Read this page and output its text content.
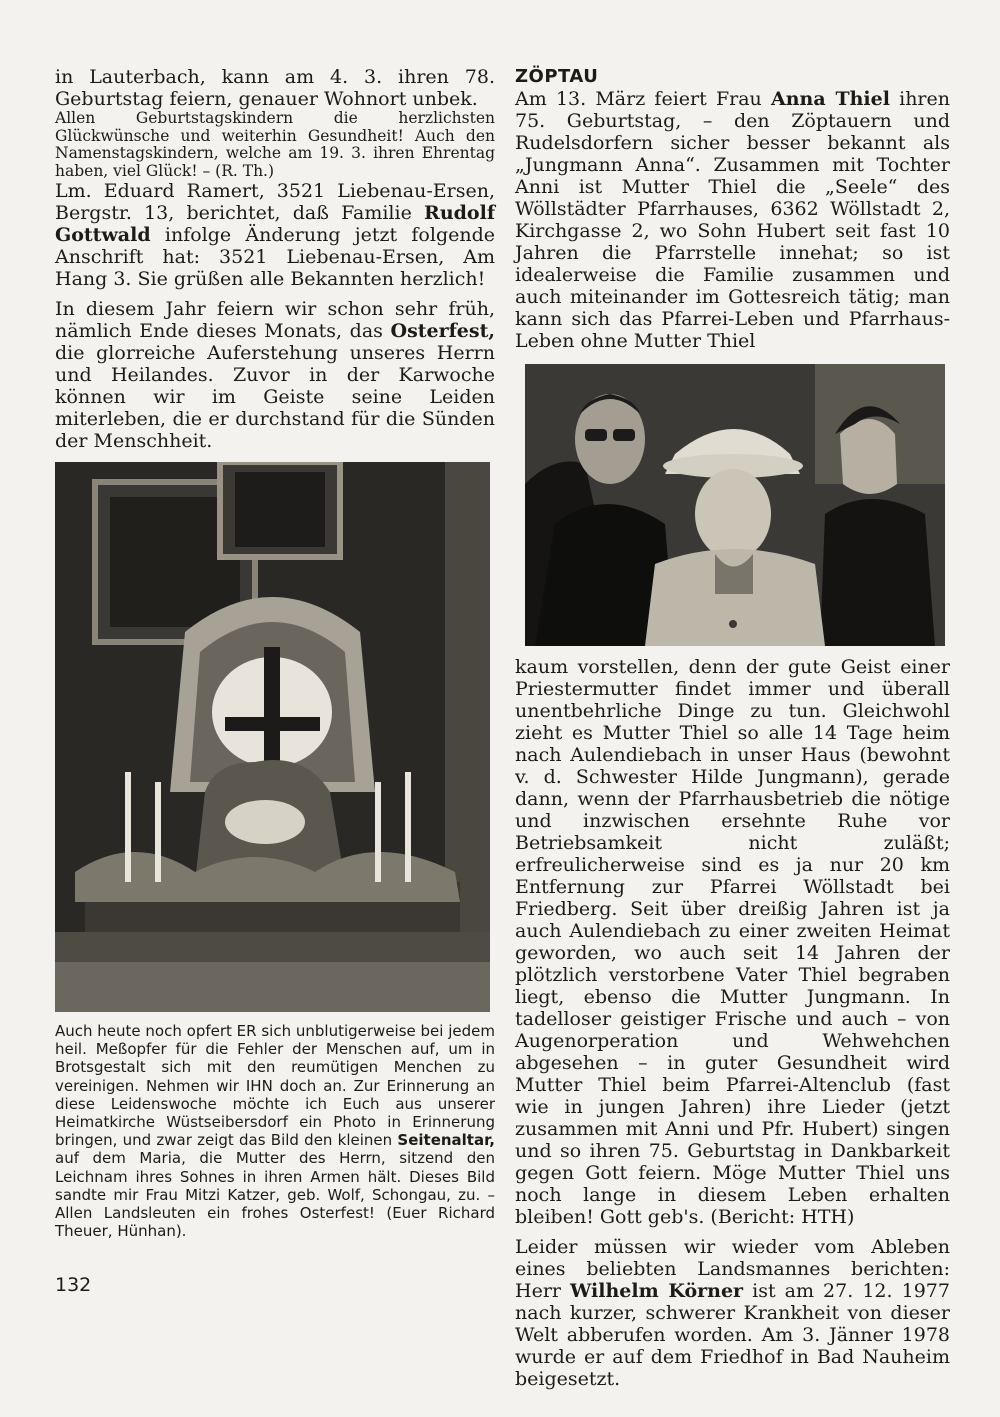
in Lauterbach, kann am 4. 3. ihren 78. Geburtstag feiern, genauer Wohnort unbek.

Allen Geburtstagskindern die herzlichsten Glückwünsche und weiterhin Gesundheit! Auch den Namenstagskindern, welche am 19. 3. ihren Ehrentag haben, viel Glück! – (R. Th.)

Lm. Eduard Ramert, 3521 Liebenau-Ersen, Bergstr. 13, berichtet, daß Familie Rudolf Gottwald infolge Änderung jetzt folgende Anschrift hat: 3521 Liebenau-Ersen, Am Hang 3. Sie grüßen alle Bekannten herzlich!

In diesem Jahr feiern wir schon sehr früh, nämlich Ende dieses Monats, das Osterfest, die glorreiche Auferstehung unseres Herrn und Heilandes. Zuvor in der Karwoche können wir im Geiste seine Leiden miterleben, die er durchstand für die Sünden der Menschheit.

Auch heute noch opfert ER sich unblutigerweise bei jedem heil. Meßopfer für die Fehler der Menschen auf, um in Brotsgestalt sich mit den reumütigen Menchen zu vereinigen. Nehmen wir IHN doch an. Zur Erinnerung an diese Leidenswoche möchte ich Euch aus unserer Heimatkirche Wüstseibersdorf ein Photo in Erinnerung bringen, und zwar zeigt das Bild den kleinen Seitenaltar, auf dem Maria, die Mutter des Herrn, sitzend den Leichnam ihres Sohnes in ihren Armen hält. Dieses Bild sandte mir Frau Mitzi Katzer, geb. Wolf, Schongau, zu. – Allen Landsleuten ein frohes Osterfest! (Euer Richard Theuer, Hünhan).

ZÖPTAU

Am 13. März feiert Frau Anna Thiel ihren 75. Geburtstag, – den Zöptauern und Rudelsdorfern sicher besser bekannt als „Jungmann Anna“. Zusammen mit Tochter Anni ist Mutter Thiel die „Seele“ des Wöllstädter Pfarrhauses, 6362 Wöllstadt 2, Kirchgasse 2, wo Sohn Hubert seit fast 10 Jahren die Pfarrstelle innehat; so ist idealerweise die Familie zusammen und auch miteinander im Gottesreich tätig; man kann sich das Pfarrei-Leben und Pfarrhaus-Leben ohne Mutter Thiel

kaum vorstellen, denn der gute Geist einer Priestermutter findet immer und überall unentbehrliche Dinge zu tun. Gleichwohl zieht es Mutter Thiel so alle 14 Tage heim nach Aulendiebach in unser Haus (bewohnt v. d. Schwester Hilde Jungmann), gerade dann, wenn der Pfarrhausbetrieb die nötige und inzwischen ersehnte Ruhe vor Betriebsamkeit nicht zuläßt; erfreulicherweise sind es ja nur 20 km Entfernung zur Pfarrei Wöllstadt bei Friedberg. Seit über dreißig Jahren ist ja auch Aulendiebach zu einer zweiten Heimat geworden, wo auch seit 14 Jahren der plötzlich verstorbene Vater Thiel begraben liegt, ebenso die Mutter Jungmann. In tadelloser geistiger Frische und auch – von Augenorperation und Wehwehchen abgesehen – in guter Gesundheit wird Mutter Thiel beim Pfarrei-Altenclub (fast wie in jungen Jahren) ihre Lieder (jetzt zusammen mit Anni und Pfr. Hubert) singen und so ihren 75. Geburtstag in Dankbarkeit gegen Gott feiern. Möge Mutter Thiel uns noch lange in diesem Leben erhalten bleiben! Gott geb's. (Bericht: HTH)

Leider müssen wir wieder vom Ableben eines beliebten Landsmannes berichten: Herr Wilhelm Körner ist am 27. 12. 1977 nach kurzer, schwerer Krankheit von dieser Welt abberufen worden. Am 3. Jänner 1978 wurde er auf dem Friedhof in Bad Nauheim beigesetzt.

132
